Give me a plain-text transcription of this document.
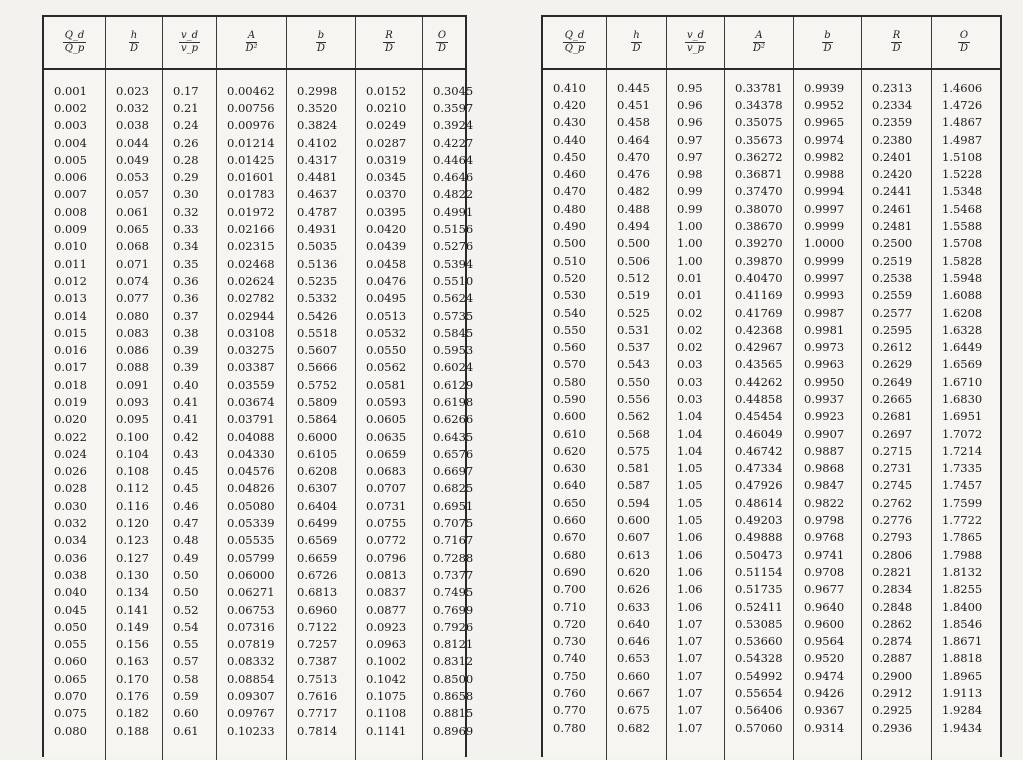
$\frac{Q\_d}{Q\_p}$	$\frac{h}{D}$	$\frac{v\_d}{v\_p}$	$\frac{A}{\text{D²}}$	$\frac{b}{D}$	$\frac{R}{D}$	$\frac{O}{D}$
0.001	0.023	0.17	0.00462	0.2998	0.0152	0.3045
0.002	0.032	0.21	0.00756	0.3520	0.0210	0.3597
0.003	0.038	0.24	0.00976	0.3824	0.0249	0.3924
0.004	0.044	0.26	0.01214	0.4102	0.0287	0.4227
0.005	0.049	0.28	0.01425	0.4317	0.0319	0.4464
0.006	0.053	0.29	0.01601	0.4481	0.0345	0.4646
0.007	0.057	0.30	0.01783	0.4637	0.0370	0.4822
0.008	0.061	0.32	0.01972	0.4787	0.0395	0.4991
0.009	0.065	0.33	0.02166	0.4931	0.0420	0.5156
0.010	0.068	0.34	0.02315	0.5035	0.0439	0.5276
0.011	0.071	0.35	0.02468	0.5136	0.0458	0.5394
0.012	0.074	0.36	0.02624	0.5235	0.0476	0.5510
0.013	0.077	0.36	0.02782	0.5332	0.0495	0.5624
0.014	0.080	0.37	0.02944	0.5426	0.0513	0.5735
0.015	0.083	0.38	0.03108	0.5518	0.0532	0.5845
0.016	0.086	0.39	0.03275	0.5607	0.0550	0.5953
0.017	0.088	0.39	0.03387	0.5666	0.0562	0.6024
0.018	0.091	0.40	0.03559	0.5752	0.0581	0.6129
0.019	0.093	0.41	0.03674	0.5809	0.0593	0.6198
0.020	0.095	0.41	0.03791	0.5864	0.0605	0.6266
0.022	0.100	0.42	0.04088	0.6000	0.0635	0.6435
0.024	0.104	0.43	0.04330	0.6105	0.0659	0.6576
0.026	0.108	0.45	0.04576	0.6208	0.0683	0.6697
0.028	0.112	0.45	0.04826	0.6307	0.0707	0.6825
0.030	0.116	0.46	0.05080	0.6404	0.0731	0.6951
0.032	0.120	0.47	0.05339	0.6499	0.0755	0.7075
0.034	0.123	0.48	0.05535	0.6569	0.0772	0.7167
0.036	0.127	0.49	0.05799	0.6659	0.0796	0.7288
0.038	0.130	0.50	0.06000	0.6726	0.0813	0.7377
0.040	0.134	0.50	0.06271	0.6813	0.0837	0.7495
0.045	0.141	0.52	0.06753	0.6960	0.0877	0.7699
0.050	0.149	0.54	0.07316	0.7122	0.0923	0.7926
0.055	0.156	0.55	0.07819	0.7257	0.0963	0.8121
0.060	0.163	0.57	0.08332	0.7387	0.1002	0.8312
0.065	0.170	0.58	0.08854	0.7513	0.1042	0.8500
0.070	0.176	0.59	0.09307	0.7616	0.1075	0.8658
0.075	0.182	0.60	0.09767	0.7717	0.1108	0.8815
0.080	0.188	0.61	0.10233	0.7814	0.1141	0.8969
$\frac{Q\_d}{Q\_p}$	$\frac{h}{D}$	$\frac{v\_d}{v\_p}$	$\frac{A}{\text{D²}}$	$\frac{b}{D}$	$\frac{R}{D}$	$\frac{O}{D}$
0.410	0.445	0.95	0.33781	0.9939	0.2313	1.4606
0.420	0.451	0.96	0.34378	0.9952	0.2334	1.4726
0.430	0.458	0.96	0.35075	0.9965	0.2359	1.4867
0.440	0.464	0.97	0.35673	0.9974	0.2380	1.4987
0.450	0.470	0.97	0.36272	0.9982	0.2401	1.5108
0.460	0.476	0.98	0.36871	0.9988	0.2420	1.5228
0.470	0.482	0.99	0.37470	0.9994	0.2441	1.5348
0.480	0.488	0.99	0.38070	0.9997	0.2461	1.5468
0.490	0.494	1.00	0.38670	0.9999	0.2481	1.5588
0.500	0.500	1.00	0.39270	1.0000	0.2500	1.5708
0.510	0.506	1.00	0.39870	0.9999	0.2519	1.5828
0.520	0.512	0.01	0.40470	0.9997	0.2538	1.5948
0.530	0.519	0.01	0.41169	0.9993	0.2559	1.6088
0.540	0.525	0.02	0.41769	0.9987	0.2577	1.6208
0.550	0.531	0.02	0.42368	0.9981	0.2595	1.6328
0.560	0.537	0.02	0.42967	0.9973	0.2612	1.6449
0.570	0.543	0.03	0.43565	0.9963	0.2629	1.6569
0.580	0.550	0.03	0.44262	0.9950	0.2649	1.6710
0.590	0.556	0.03	0.44858	0.9937	0.2665	1.6830
0.600	0.562	1.04	0.45454	0.9923	0.2681	1.6951
0.610	0.568	1.04	0.46049	0.9907	0.2697	1.7072
0.620	0.575	1.04	0.46742	0.9887	0.2715	1.7214
0.630	0.581	1.05	0.47334	0.9868	0.2731	1.7335
0.640	0.587	1.05	0.47926	0.9847	0.2745	1.7457
0.650	0.594	1.05	0.48614	0.9822	0.2762	1.7599
0.660	0.600	1.05	0.49203	0.9798	0.2776	1.7722
0.670	0.607	1.06	0.49888	0.9768	0.2793	1.7865
0.680	0.613	1.06	0.50473	0.9741	0.2806	1.7988
0.690	0.620	1.06	0.51154	0.9708	0.2821	1.8132
0.700	0.626	1.06	0.51735	0.9677	0.2834	1.8255
0.710	0.633	1.06	0.52411	0.9640	0.2848	1.8400
0.720	0.640	1.07	0.53085	0.9600	0.2862	1.8546
0.730	0.646	1.07	0.53660	0.9564	0.2874	1.8671
0.740	0.653	1.07	0.54328	0.9520	0.2887	1.8818
0.750	0.660	1.07	0.54992	0.9474	0.2900	1.8965
0.760	0.667	1.07	0.55654	0.9426	0.2912	1.9113
0.770	0.675	1.07	0.56406	0.9367	0.2925	1.9284
0.780	0.682	1.07	0.57060	0.9314	0.2936	1.9434
